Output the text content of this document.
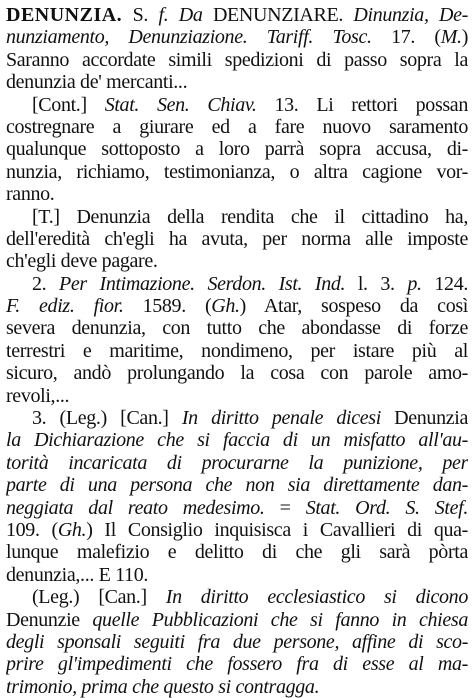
DENUNZIA. S. f. Da DENUNZIARE. Dinunzia, De-
nunziamento, Denunziazione. Tariff. Tosc. 17. (M.)
Saranno accordate simili spedizioni di passo sopra la
denunzia de' mercanti...
[Cont.] Stat. Sen. Chiav. 13. Li rettori possan
costregnare a giurare ed a fare nuovo saramento
qualunque sottoposto a loro parrà sopra accusa, di-
nunzia, richiamo, testimonianza, o altra cagione vor-
ranno.
[T.] Denunzia della rendita che il cittadino ha,
dell'eredità ch'egli ha avuta, per norma alle imposte
ch'egli deve pagare.
2. Per Intimazione. Serdon. Ist. Ind. l. 3. p. 124.
F. ediz. fior. 1589. (Gh.) Atar, sospeso da così
severa denunzia, con tutto che abondasse di forze
terrestri e maritime, nondimeno, per istare più al
sicuro, andò prolungando la cosa con parole amo-
revoli,...
3. (Leg.) [Can.] In diritto penale dicesi Denunzia
la Dichiarazione che si faccia di un misfatto all'au-
torità incaricata di procurarne la punizione, per
parte di una persona che non sia direttamente dan-
neggiata dal reato medesimo. = Stat. Ord. S. Stef.
109. (Gh.) Il Consiglio inquisisca i Cavallieri di qua-
lunque malefizio e delitto di che gli sarà pòrta
denunzia,... E 110.
(Leg.) [Can.] In diritto ecclesiastico si dicono
Denunzie quelle Pubblicazioni che si fanno in chiesa
degli sponsali seguiti fra due persone, affine di sco-
prire gl'impedimenti che fossero fra di esse al ma-
trimonio, prima che questo si contragga.
